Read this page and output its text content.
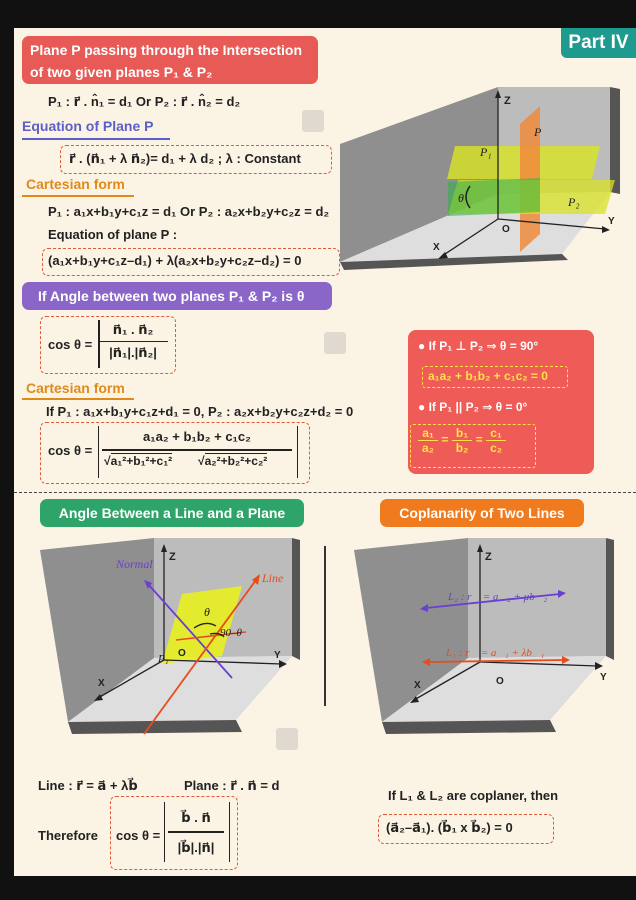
Part IV
Plane P passing through the Intersection
of two given planes P₁ & P₂
P₁ : r⃗ . n̂₁ = d₁ Or P₂ : r⃗ . n̂₂ = d₂
Equation of Plane P
r⃗ . (n⃗₁ + λ n⃗₂)= d₁ + λ d₂ ; λ : Constant
Cartesian form
P₁ : a₁x+b₁y+c₁z = d₁ Or P₂ : a₂x+b₂y+c₂z = d₂
Equation of plane P :
(a₁x+b₁y+c₁z–d₁) + λ(a₂x+b₂y+c₂z–d₂) = 0
Z
P
P₁
P₂
θ
O
Y
X
If Angle between two planes P₁ & P₂ is θ
$\cos \theta = \frac{\text{n⃗₁ . n⃗₂}}{\text{|n⃗₁|.|n⃗₂|}}$
Cartesian form
If P₁ : a₁x+b₁y+c₁z+d₁ = 0, P₂ : a₂x+b₂y+c₂z+d₂ = 0
cos θ =
a₁a₂ + b₁b₂ + c₁c₂
√a₁²+b₁²+c₁² √a₂²+b₂²+c₂²
● If P₁ ⊥ P₂ ⇒ θ = 90°
a₁a₂ + b₁b₂ + c₁c₂ = 0
● If P₁ || P₂ ⇒ θ = 0°
$\frac{\text{a₁}}{\text{a₂}} = \frac{\text{b₁}}{\text{b₂}} = \frac{\text{c₁}}{\text{c₂}}$
Angle Between a Line and a Plane
Normal
Line
Z
θ
90–θ
P₁ O	Y
X
Line : r⃗ = a⃗ + λb⃗	Plane : r⃗ . n⃗ = d
Therefore cos θ =
b⃗ . n⃗
|b⃗|.|n⃗|
Coplanarity of Two Lines
L₂ : r⃗ = a⃗₂ + μb⃗₂
L₁ : r⃗ = a⃗₁ + λb⃗₁
Z
O	Y
X
If L₁ & L₂ are coplaner, then
(a⃗₂–a⃗₁). (b⃗₁ x b⃗₂) = 0
